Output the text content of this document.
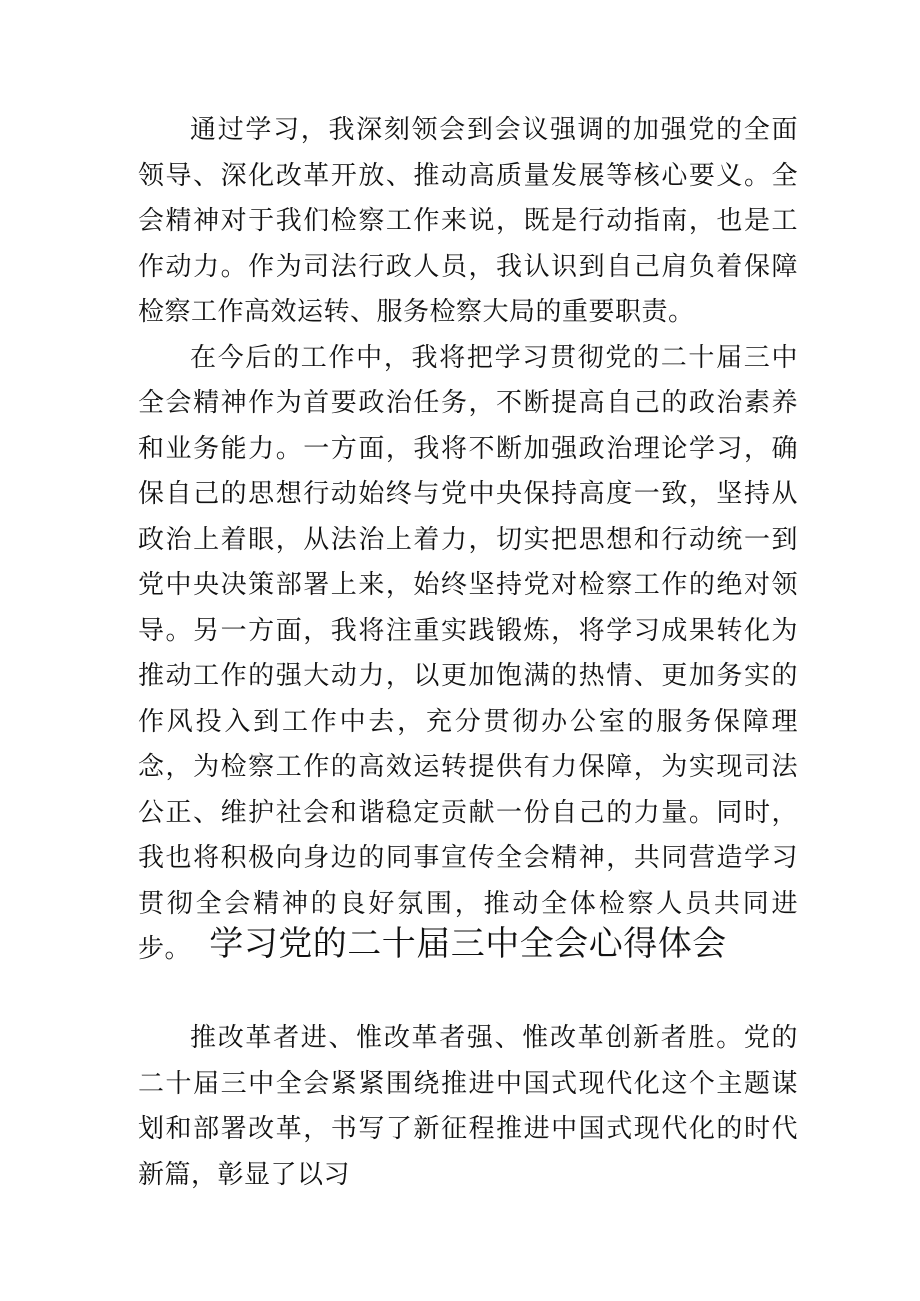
通过学习，我深刻领会到会议强调的加强党的全面领导、深化改革开放、推动高质量发展等核心要义。全会精神对于我们检察工作来说，既是行动指南，也是工作动力。作为司法行政人员，我认识到自己肩负着保障检察工作高效运转、服务检察大局的重要职责。

在今后的工作中，我将把学习贯彻党的二十届三中全会精神作为首要政治任务，不断提高自己的政治素养和业务能力。一方面，我将不断加强政治理论学习，确保自己的思想行动始终与党中央保持高度一致，坚持从政治上着眼，从法治上着力，切实把思想和行动统一到党中央决策部署上来，始终坚持党对检察工作的绝对领导。另一方面，我将注重实践锻炼，将学习成果转化为推动工作的强大动力，以更加饱满的热情、更加务实的作风投入到工作中去，充分贯彻办公室的服务保障理念，为检察工作的高效运转提供有力保障，为实现司法公正、维护社会和谐稳定贡献一份自己的力量。同时，我也将积极向身边的同事宣传全会精神，共同营造学习贯彻全会精神的良好氛围，推动全体检察人员共同进步。 学习党的二十届三中全会心得体会

推改革者进、惟改革者强、惟改革创新者胜。党的二十届三中全会紧紧围绕推进中国式现代化这个主题谋划和部署改革，书写了新征程推进中国式现代化的时代新篇，彰显了以习
